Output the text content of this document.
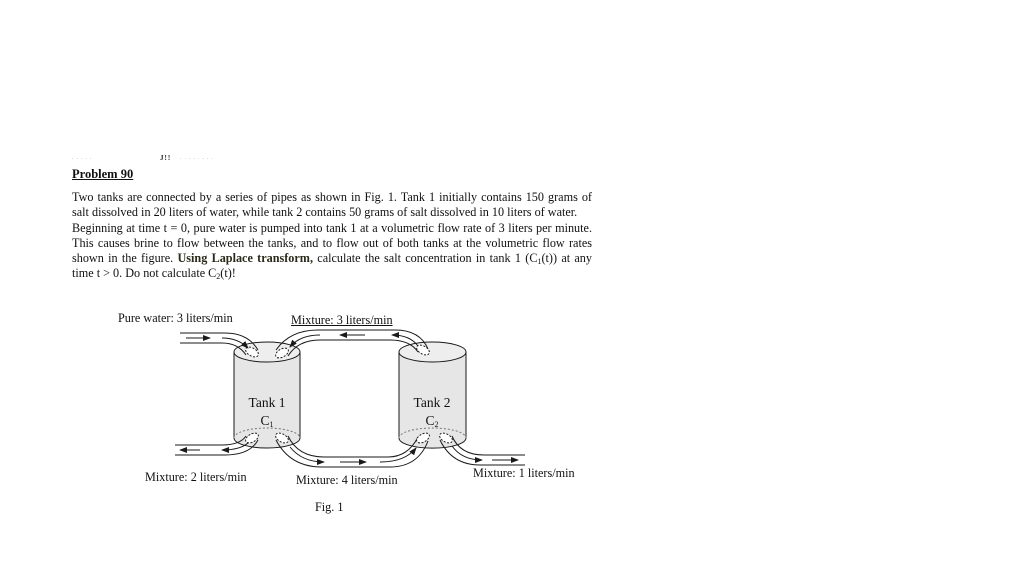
. . . . .	J!! . . . . . . . .
Problem 90

Two tanks are connected by a series of pipes as shown in Fig. 1. Tank 1 initially contains 150 grams of salt dissolved in 20 liters of water, while tank 2 contains 50 grams of salt dissolved in 10 liters of water.

Beginning at time t = 0, pure water is pumped into tank 1 at a volumetric flow rate of 3 liters per minute. This causes brine to flow between the tanks, and to flow out of both tanks at the volumetric flow rates shown in the figure. Using Laplace transform, calculate the salt concentration in tank 1 $(C_1(t))$ at any time t > 0. Do not calculate $C_2(t)$!

Pure water: 3 liters/min	Mixture: 3 liters/min
Mixture: 2 liters/min	Mixture: 4 liters/min	Mixture: 1 liters/min
Tank 1
$C_1$
Tank 2
$C_2$
Fig. 1
